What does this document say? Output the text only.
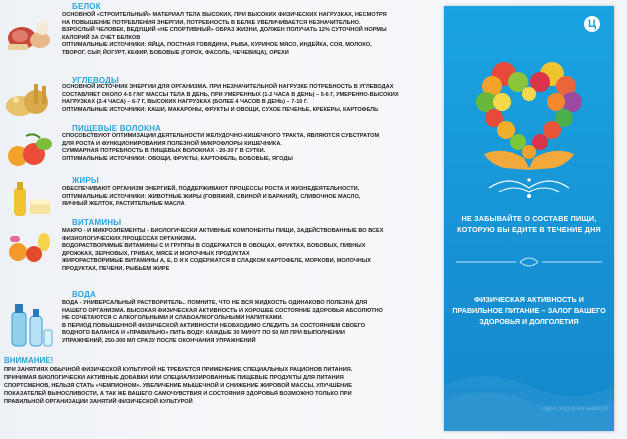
БЕЛОК

ОСНОВНОЙ «СТРОИТЕЛЬНЫЙ» МАТЕРИАЛ ТЕЛА ВЫСОКИХ, ПРИ ВЫСОКИХ ФИЗИЧЕСКИХ НАГРУЗКАХ, НЕСМОТРЯ

НА ПОВЫШЕНИЕ ПОТРЕБЛЕНИЯ ЭНЕРГИИ, ПОТРЕБНОСТЬ В БЕЛКЕ УВЕЛИЧИВАЕТСЯ НЕЗНАЧИТЕЛЬНО.

ВЗРОСЛЫЙ ЧЕЛОВЕК, ВЕДУЩИЙ «НЕ СПОРТИВНЫЙ» ОБРАЗ ЖИЗНИ, ДОЛЖЕН ПОЛУЧАТЬ 12% СУТОЧНОЙ НОРМЫ

КАЛОРИЙ ЗА СЧЕТ БЕЛКОВ

ОПТИМАЛЬНЫЕ ИСТОЧНИКИ: ЯЙЦА, ПОСТНАЯ ГОВЯДИНА, РЫБА, КУРИНОЕ МЯСО, ИНДЕЙКА, СОЯ, МОЛОКО,

ТВОРОГ, СЫР, ЙОГУРТ, КЕФИР, БОБОВЫЕ (ГОРОХ, ФАСОЛЬ, ЧЕЧЕВИЦА), ОРЕХИ

УГЛЕВОДЫ

ОСНОВНОЙ ИСТОЧНИК ЭНЕРГИИ ДЛЯ ОРГАНИЗМА. ПРИ НЕЗНАЧИТЕЛЬНОЙ НАГРУЗКЕ ПОТРЕБНОСТЬ В УГЛЕВОДАХ

СОСТАВЛЯЕТ ОКОЛО 4-5 Г/КГ МАССЫ ТЕЛА В ДЕНЬ, ПРИ УМЕРЕННЫХ (1-2 ЧАСА В ДЕНЬ) – 5-6 Г, УМЕРЕННО-ВЫСОКИХ

НАГРУЗКАХ (2-4 ЧАСА) – 6-7 Г, ВЫСОКИХ НАГРУЗКАХ (БОЛЕЕ 4 ЧАСОВ В ДЕНЬ) – 7-10 Г.

ОПТИМАЛЬНЫЕ ИСТОЧНИКИ: КАШИ, МАКАРОНЫ, ФРУКТЫ И ОВОЩИ, СУХОЕ ПЕЧЕНЬЕ, КРЕКЕРЫ, КАРТОФЕЛЬ

ПИЩЕВЫЕ ВОЛОКНА

СПОСОБСТВУЮТ ОПТИМИЗАЦИИ ДЕЯТЕЛЬНОСТИ ЖЕЛУДОЧНО-КИШЕЧНОГО ТРАКТА, ЯВЛЯЮТСЯ СУБСТРАТОМ

ДЛЯ РОСТА И ФУНКЦИОНИРОВАНИЯ ПОЛЕЗНОЙ МИКРОФЛОРЫ КИШЕЧНИКА.

СУММАРНАЯ ПОТРЕБНОСТЬ В ПИЩЕВЫХ ВОЛОКНАХ - 20-30 Г В СУТКИ.

ОПТИМАЛЬНЫЕ ИСТОЧНИКИ: ОВОЩИ, ФРУКТЫ, КАРТОФЕЛЬ, БОБОВЫЕ, ЯГОДЫ

ЖИРЫ

ОБЕСПЕЧИВАЮТ ОРГАНИЗМ ЭНЕРГИЕЙ, ПОДДЕРЖИВАЮТ ПРОЦЕССЫ РОСТА И ЖИЗНЕДЕЯТЕЛЬНОСТИ.

ОПТИМАЛЬНЫЕ ИСТОЧНИКИ: ЖИВОТНЫЕ ЖИРЫ (ГОВЯЖИЙ, СВИНОЙ И БАРАНИЙ), СЛИВОЧНОЕ МАСЛО,

ЯИЧНЫЙ ЖЕЛТОК, РАСТИТЕЛЬНЫЕ МАСЛА

ВИТАМИНЫ

МАКРО - И МИКРОЭЛЕМЕНТЫ - БИОЛОГИЧЕСКИ АКТИВНЫЕ КОМПОНЕНТЫ ПИЩИ, ЗАДЕЙСТВОВАННЫЕ ВО ВСЕХ

ФИЗИОЛОГИЧЕСКИХ ПРОЦЕССАХ ОРГАНИЗМА.

ВОДОРАСТВОРИМЫЕ ВИТАМИНЫ С И ГРУППЫ В СОДЕРЖАТСЯ В ОВОЩАХ, ФРУКТАХ, БОБОВЫХ, ПИВНЫХ

ДРОЖЖАХ, ЗЕРНОВЫХ, ГРИБАХ, МЯСЕ И МОЛОЧНЫХ ПРОДУКТАХ

ЖИРОРАСТВОРИМЫЕ ВИТАМИНЫ А, Е, D И К СОДЕРЖАТСЯ В СЛАДКОМ КАРТОФЕЛЕ, МОРКОВИ, МОЛОЧНЫХ

ПРОДУКТАХ, ПЕЧЕНИ, РЫБЬЕМ ЖИРЕ

ВОДА

ВОДА - УНИВЕРСАЛЬНЫЙ РАСТВОРИТЕЛЬ.. ПОМНИТЕ, ЧТО НЕ ВСЯ ЖИДКОСТЬ ОДИНАКОВО ПОЛЕЗНА ДЛЯ

НАШЕГО ОРГАНИЗМА. ВЫСОКАЯ ФИЗИЧЕСКАЯ АКТИВНОСТЬ И ХОРОШЕЕ СОСТОЯНИЕ ЗДОРОВЬЯ АБСОЛЮТНО

НЕ СОЧЕТАЮТСЯ С АЛКОГОЛЬНЫМИ И СЛАБОАЛКОГОЛЬНЫМИ НАПИТКАМИ.

В ПЕРИОД ПОВЫШЕННОЙ ФИЗИЧЕСКОЙ АКТИВНОСТИ НЕОБХОДИМО СЛЕДИТЬ ЗА СОСТОЯНИЕМ СВОЕГО

ВОДНОГО БАЛАНСА И «ПРАВИЛЬНО» ПИТЬ ВОДУ: КАЖДЫЕ 30 МИНУТ ПО 50 МЛ ПРИ ВЫПОЛНЕНИИ

УПРАЖНЕНИЙ, 250-300 МЛ СРАЗУ ПОСЛЕ ОКОНЧАНИЯ УПРАЖНЕНИЙ

ВНИМАНИЕ!

ПРИ ЗАНЯТИЯХ ОБЫЧНОЙ ФИЗИЧЕСКОЙ КУЛЬТУРОЙ НЕ ТРЕБУЕТСЯ ПРИМЕНЕНИЕ СПЕЦИАЛЬНЫХ РАЦИОНОВ ПИТАНИЯ.

ПРИНИМАЯ БИОЛОГИЧЕСКИ АКТИВНЫЕ ДОБАВКИ ИЛИ СПЕЦИАЛИЗИРОВАННЫЕ ПИЩЕВЫЕ ПРОДУКТЫ ДЛЯ ПИТАНИЯ

СПОРТСМЕНОВ, НЕЛЬЗЯ СТАТЬ «ЧЕМПИОНОМ». УВЕЛИЧЕНИЕ МЫШЕЧНОЙ И СНИЖЕНИЕ ЖИРОВОЙ МАССЫ, УЛУЧШЕНИЕ

ПОКАЗАТЕЛЕЙ ВЫНОСЛИВОСТИ, А ТАК ЖЕ ВАШЕГО САМОЧУВСТВИЯ И СОСТОЯНИЯ ЗДОРОВЬЯ ВОЗМОЖНО ТОЛЬКО ПРИ

ПРАВИЛЬНОЙ ОРГАНИЗАЦИИ ЗАНЯТИЙ ФИЗИЧЕСКОЙ КУЛЬТУРОЙ

Ц
НЕ ЗАБЫВАЙТЕ О СОСТАВЕ ПИЩИ, КОТОРУЮ ВЫ ЕДИТЕ В ТЕЧЕНИЕ ДНЯ
ФИЗИЧЕСКАЯ АКТИВНОСТЬ И ПРАВИЛЬНОЕ ПИТАНИЕ – ЗАЛОГ ВАШЕГО ЗДОРОВЬЯ И ДОЛГОЛЕТИЯ
cgon.rospotrebnadzor.ru
